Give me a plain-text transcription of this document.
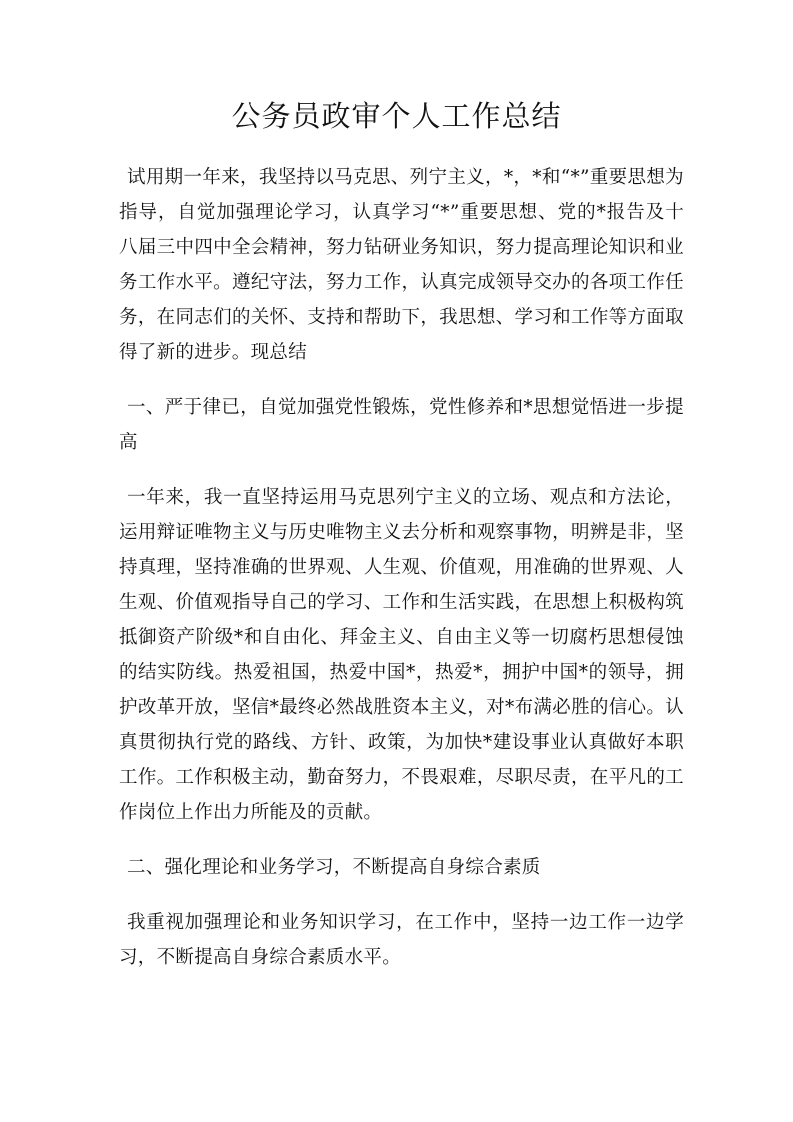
公务员政审个人工作总结

试用期一年来，我坚持以马克思、列宁主义，*，*和“*”重要思想为指导，自觉加强理论学习，认真学习“*”重要思想、党的*报告及十八届三中四中全会精神，努力钻研业务知识，努力提高理论知识和业务工作水平。遵纪守法，努力工作，认真完成领导交办的各项工作任务，在同志们的关怀、支持和帮助下，我思想、学习和工作等方面取得了新的进步。现总结

一、严于律已，自觉加强党性锻炼，党性修养和*思想觉悟进一步提高

一年来，我一直坚持运用马克思列宁主义的立场、观点和方法论，运用辩证唯物主义与历史唯物主义去分析和观察事物，明辨是非，坚持真理，坚持准确的世界观、人生观、价值观，用准确的世界观、人生观、价值观指导自己的学习、工作和生活实践，在思想上积极构筑抵御资产阶级*和自由化、拜金主义、自由主义等一切腐朽思想侵蚀的结实防线。热爱祖国，热爱中国*，热爱*，拥护中国*的领导，拥护改革开放，坚信*最终必然战胜资本主义，对*布满必胜的信心。认真贯彻执行党的路线、方针、政策，为加快*建设事业认真做好本职工作。工作积极主动，勤奋努力，不畏艰难，尽职尽责，在平凡的工作岗位上作出力所能及的贡献。

二、强化理论和业务学习，不断提高自身综合素质

我重视加强理论和业务知识学习，在工作中，坚持一边工作一边学习，不断提高自身综合素质水平。
